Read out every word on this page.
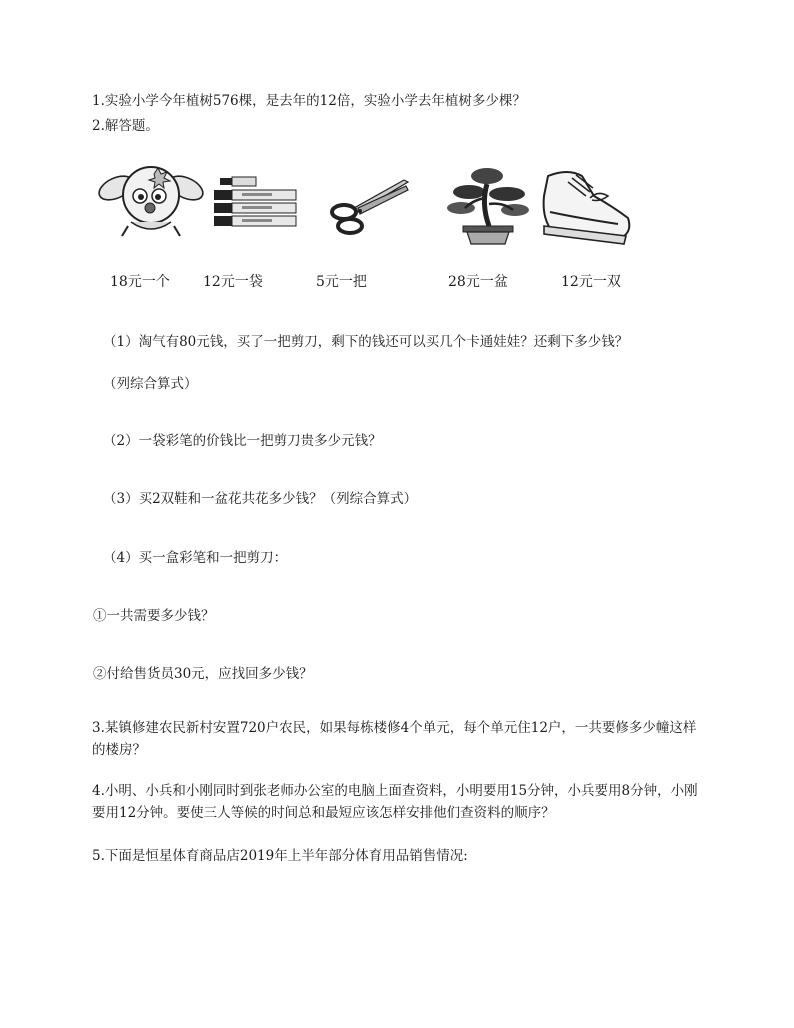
1.实验小学今年植树576棵，是去年的12倍，实验小学去年植树多少棵？
2.解答题。
18元一个 12元一袋	5元一把	28元一盆	12元一双
（1）淘气有80元钱，买了一把剪刀，剩下的钱还可以买几个卡通娃娃？还剩下多少钱？
（列综合算式）
（2）一袋彩笔的价钱比一把剪刀贵多少元钱？
（3）买2双鞋和一盆花共花多少钱？（列综合算式）
（4）买一盒彩笔和一把剪刀：
①一共需要多少钱？
②付给售货员30元，应找回多少钱？
3.某镇修建农民新村安置720户农民，如果每栋楼修4个单元，每个单元住12户，一共要修多少幢这样的楼房？
4.小明、小兵和小刚同时到张老师办公室的电脑上面查资料，小明要用15分钟，小兵要用8分钟，小刚要用12分钟。要使三人等候的时间总和最短应该怎样安排他们查资料的顺序？
5.下面是恒星体育商品店2019年上半年部分体育用品销售情况:
